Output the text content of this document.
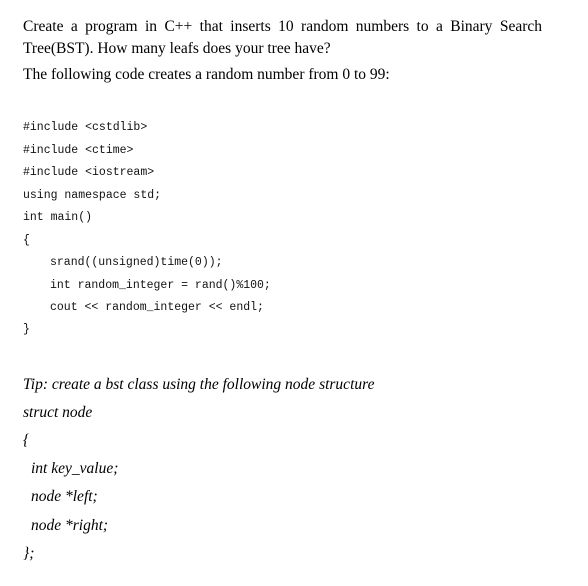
Create a program in C++ that inserts 10 random numbers to a Binary Search Tree(BST). How many leafs does your tree have?

The following code creates a random number from 0 to 99:

#include <cstdlib>
#include <ctime>
#include <iostream>
using namespace std;
int main()
{
srand((unsigned)time(0));
int random_integer = rand()%100;
cout << random_integer << endl;
}
Tip: create a bst class using the following node structure
struct node
{
int key_value;
node *left;
node *right;
};
